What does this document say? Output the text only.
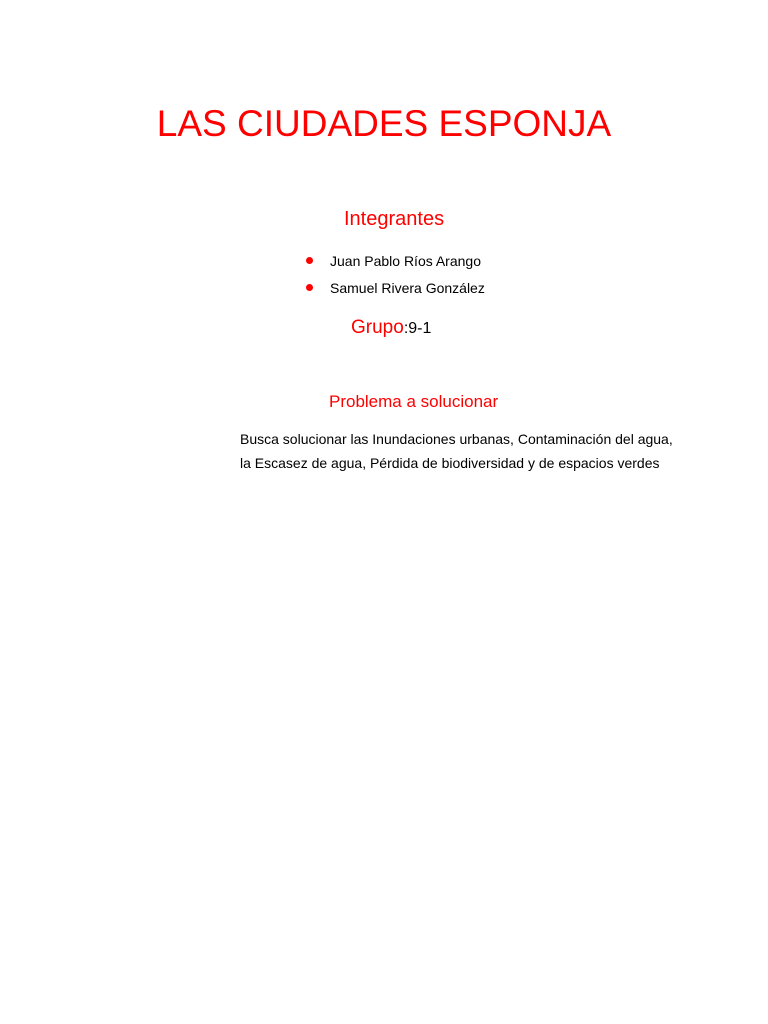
LAS CIUDADES ESPONJA
Integrantes
Juan Pablo Ríos Arango
Samuel Rivera González
Grupo:9-1
Problema a solucionar

Busca solucionar las Inundaciones urbanas, Contaminación del agua, la Escasez de agua, Pérdida de biodiversidad y de espacios verdes
